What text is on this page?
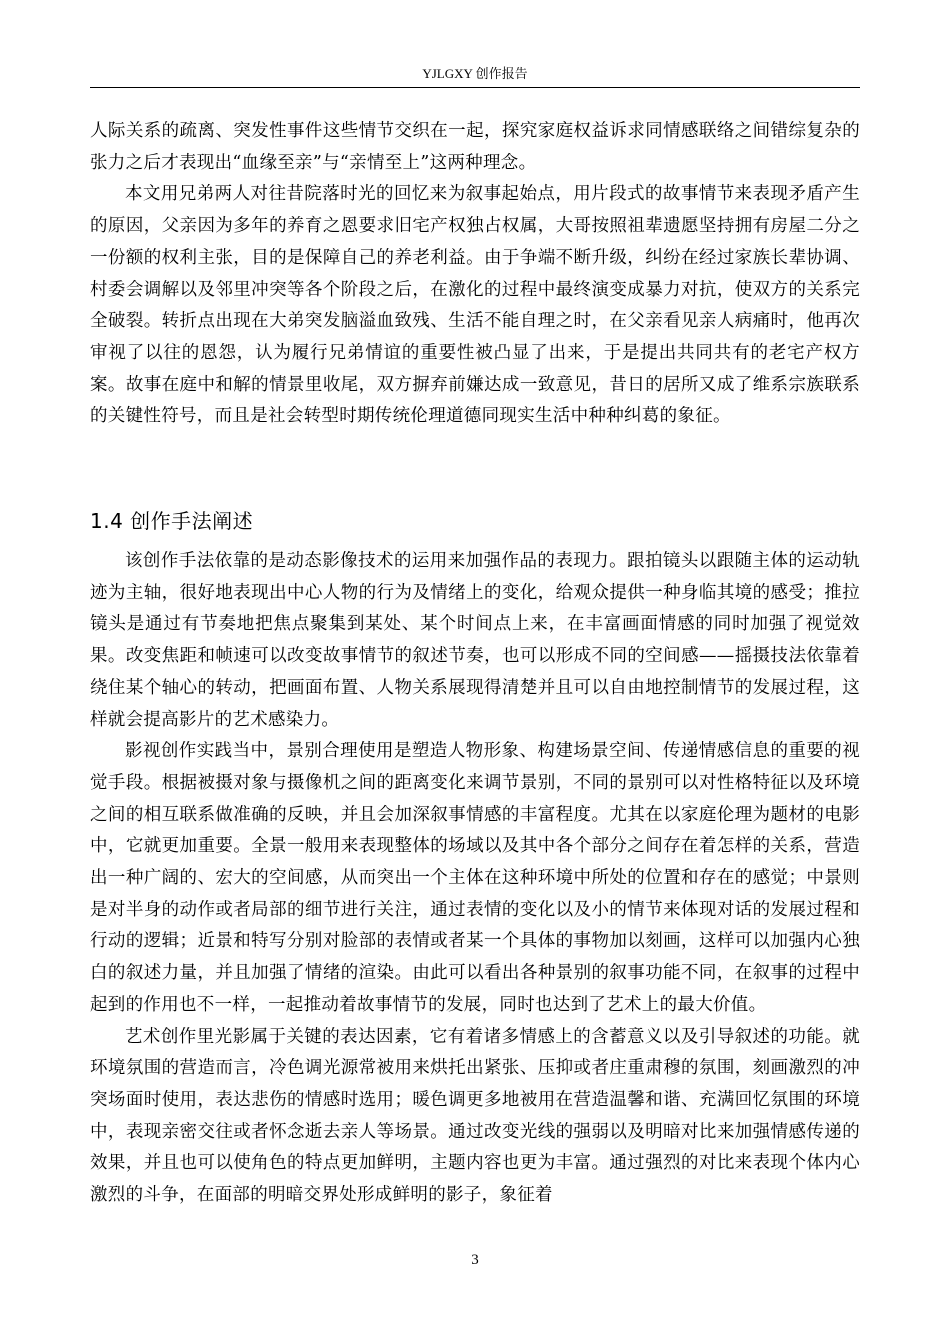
YJLGXY 创作报告

人际关系的疏离、突发性事件这些情节交织在一起，探究家庭权益诉求同情感联络之间错综复杂的张力之后才表现出“血缘至亲”与“亲情至上”这两种理念。

本文用兄弟两人对往昔院落时光的回忆来为叙事起始点，用片段式的故事情节来表现矛盾产生的原因，父亲因为多年的养育之恩要求旧宅产权独占权属，大哥按照祖辈遗愿坚持拥有房屋二分之一份额的权利主张，目的是保障自己的养老利益。由于争端不断升级，纠纷在经过家族长辈协调、村委会调解以及邻里冲突等各个阶段之后，在激化的过程中最终演变成暴力对抗，使双方的关系完全破裂。转折点出现在大弟突发脑溢血致残、生活不能自理之时，在父亲看见亲人病痛时，他再次审视了以往的恩怨，认为履行兄弟情谊的重要性被凸显了出来，于是提出共同共有的老宅产权方案。故事在庭中和解的情景里收尾，双方摒弃前嫌达成一致意见，昔日的居所又成了维系宗族联系的关键性符号，而且是社会转型时期传统伦理道德同现实生活中种种纠葛的象征。

1.4 创作手法阐述

该创作手法依靠的是动态影像技术的运用来加强作品的表现力。跟拍镜头以跟随主体的运动轨迹为主轴，很好地表现出中心人物的行为及情绪上的变化，给观众提供一种身临其境的感受；推拉镜头是通过有节奏地把焦点聚集到某处、某个时间点上来，在丰富画面情感的同时加强了视觉效果。改变焦距和帧速可以改变故事情节的叙述节奏，也可以形成不同的空间感——摇摄技法依靠着绕住某个轴心的转动，把画面布置、人物关系展现得清楚并且可以自由地控制情节的发展过程，这样就会提高影片的艺术感染力。

影视创作实践当中，景别合理使用是塑造人物形象、构建场景空间、传递情感信息的重要的视觉手段。根据被摄对象与摄像机之间的距离变化来调节景别，不同的景别可以对性格特征以及环境之间的相互联系做准确的反映，并且会加深叙事情感的丰富程度。尤其在以家庭伦理为题材的电影中，它就更加重要。全景一般用来表现整体的场域以及其中各个部分之间存在着怎样的关系，营造出一种广阔的、宏大的空间感，从而突出一个主体在这种环境中所处的位置和存在的感觉；中景则是对半身的动作或者局部的细节进行关注，通过表情的变化以及小的情节来体现对话的发展过程和行动的逻辑；近景和特写分别对脸部的表情或者某一个具体的事物加以刻画，这样可以加强内心独白的叙述力量，并且加强了情绪的渲染。由此可以看出各种景别的叙事功能不同，在叙事的过程中起到的作用也不一样，一起推动着故事情节的发展，同时也达到了艺术上的最大价值。

艺术创作里光影属于关键的表达因素，它有着诸多情感上的含蓄意义以及引导叙述的功能。就环境氛围的营造而言，冷色调光源常被用来烘托出紧张、压抑或者庄重肃穆的氛围，刻画激烈的冲突场面时使用，表达悲伤的情感时选用；暖色调更多地被用在营造温馨和谐、充满回忆氛围的环境中，表现亲密交往或者怀念逝去亲人等场景。通过改变光线的强弱以及明暗对比来加强情感传递的效果，并且也可以使角色的特点更加鲜明，主题内容也更为丰富。通过强烈的对比来表现个体内心激烈的斗争，在面部的明暗交界处形成鲜明的影子，象征着

3
